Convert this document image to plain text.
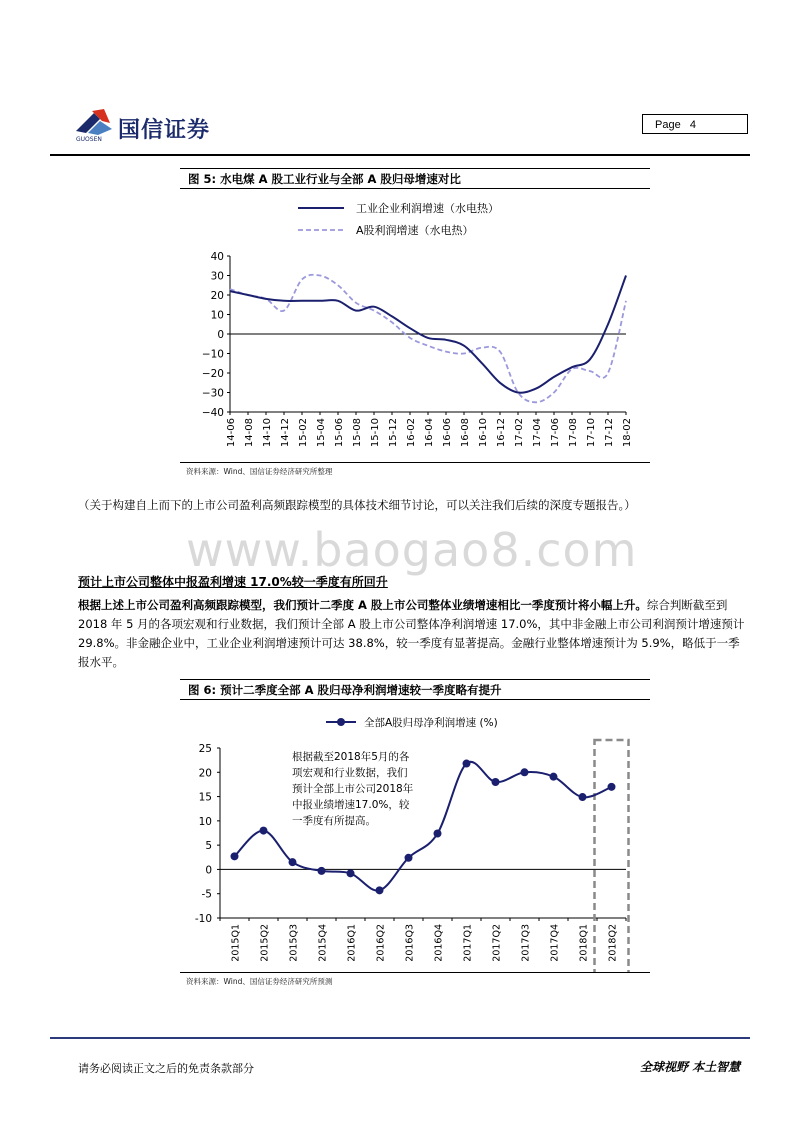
国信证券
GUOSEN
Page 4
图 5: 水电煤 A 股工业行业与全部 A 股归母增速对比
工业企业利润增速（水电热）
A股利润增速（水电热）
40
30
20
10
0
−10
−20
−30
−40
14-06 14-08 14-10 14-12 15-02 15-04 15-06 15-08 15-10 15-12 16-02 16-04 16-06 16-08 16-10 16-12 17-02 17-04 17-06 17-08 17-10 17-12 18-02
资料来源：Wind、国信证券经济研究所整理
（关于构建自上而下的上市公司盈利高频跟踪模型的具体技术细节讨论，可以关注我们后续的深度专题报告。）
www.baogao8.com
预计上市公司整体中报盈利增速 17.0%较一季度有所回升
根据上述上市公司盈利高频跟踪模型，我们预计二季度 A 股上市公司整体业绩增速相比一季度预计将小幅上升。综合判断截至到 2018 年 5 月的各项宏观和行业数据，我们预计全部 A 股上市公司整体净利润增速 17.0%，其中非金融上市公司利润预计增速预计 29.8%。非金融企业中，工业企业利润增速预计可达 38.8%，较一季度有显著提高。金融行业整体增速预计为 5.9%，略低于一季报水平。
图 6: 预计二季度全部 A 股归母净利润增速较一季度略有提升
全部A股归母净利润增速 (%)
25
20
15
10
5
0
-5
-10
2015Q1 2015Q2 2015Q3 2015Q4 2016Q1 2016Q2 2016Q3 2016Q4 2017Q1 2017Q2 2017Q3 2017Q4 2018Q1 2018Q2
根据截至2018年5月的各
项宏观和行业数据，我们
预计全部上市公司2018年
中报业绩增速17.0%，较
一季度有所提高。
资料来源：Wind、国信证券经济研究所预测
请务必阅读正文之后的免责条款部分	全球视野 本土智慧
